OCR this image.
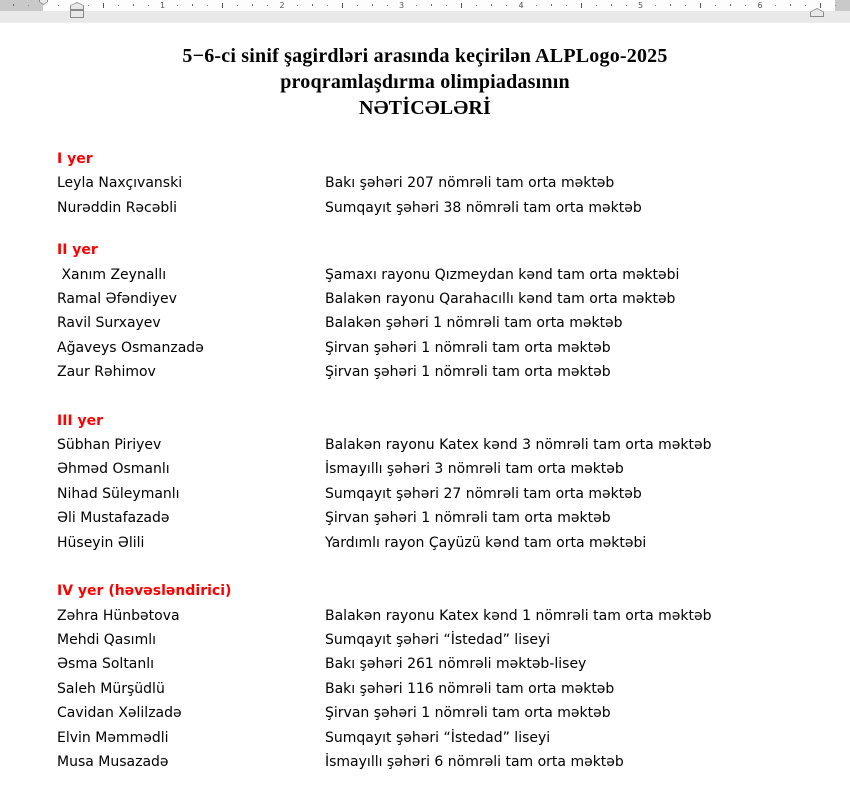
1	2	3	4	5	6
5−6-ci sinif şagirdləri arasında keçirilən ALPLogo-2025
proqramlaşdırma olimpiadasının
NƏTİCƏLƏRİ
I yer
Leyla Naxçıvanski	Bakı şəhəri 207 nömrəli tam orta məktəb
Nurəddin Rəcəbli	Sumqayıt şəhəri 38 nömrəli tam orta məktəb
II yer
Xanım Zeynallı	Şamaxı rayonu Qızmeydan kənd tam orta məktəbi
Ramal Əfəndiyev	Balakən rayonu Qarahacıllı kənd tam orta məktəb
Ravil Surxayev	Balakən şəhəri 1 nömrəli tam orta məktəb
Ağaveys Osmanzadə	Şirvan şəhəri 1 nömrəli tam orta məktəb
Zaur Rəhimov	Şirvan şəhəri 1 nömrəli tam orta məktəb
III yer
Sübhan Piriyev	Balakən rayonu Katex kənd 3 nömrəli tam orta məktəb
Əhməd Osmanlı	İsmayıllı şəhəri 3 nömrəli tam orta məktəb
Nihad Süleymanlı	Sumqayıt şəhəri 27 nömrəli tam orta məktəb
Əli Mustafazadə	Şirvan şəhəri 1 nömrəli tam orta məktəb
Hüseyin Əlili	Yardımlı rayon Çayüzü kənd tam orta məktəbi
IV yer (həvəsləndirici)
Zəhra Hünbətova	Balakən rayonu Katex kənd 1 nömrəli tam orta məktəb
Mehdi Qasımlı	Sumqayıt şəhəri “İstedad” liseyi
Əsma Soltanlı	Bakı şəhəri 261 nömrəli məktəb-lisey
Saleh Mürşüdlü	Bakı şəhəri 116 nömrəli tam orta məktəb
Cavidan Xəlilzadə	Şirvan şəhəri 1 nömrəli tam orta məktəb
Elvin Məmmədli	Sumqayıt şəhəri “İstedad” liseyi
Musa Musazadə	İsmayıllı şəhəri 6 nömrəli tam orta məktəb
